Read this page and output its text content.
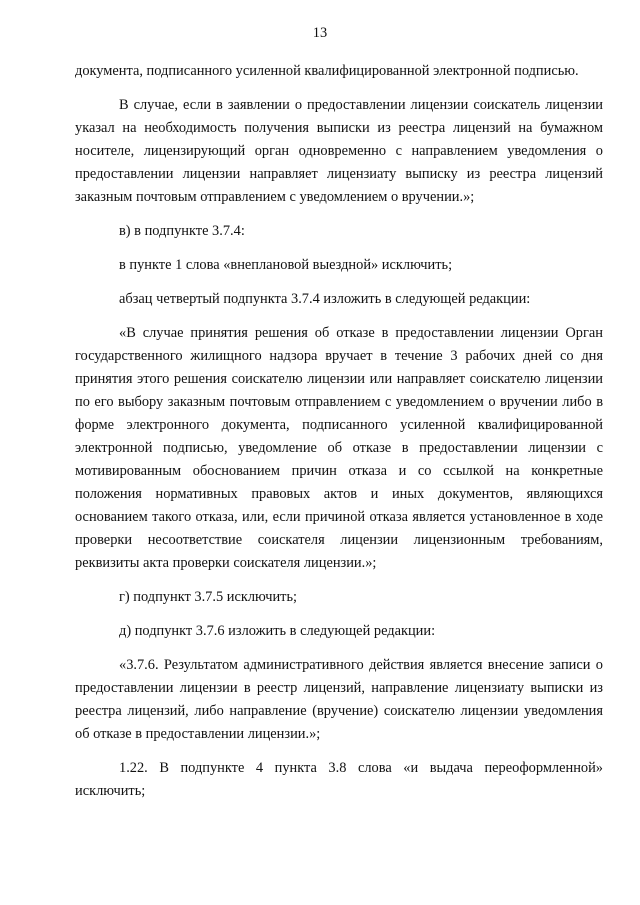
13

документа, подписанного усиленной квалифицированной электронной подписью.

В случае, если в заявлении о предоставлении лицензии соискатель лицензии указал на необходимость получения выписки из реестра лицензий на бумажном носителе, лицензирующий орган одновременно с направлением уведомления о предоставлении лицензии направляет лицензиату выписку из реестра лицензий заказным почтовым отправлением с уведомлением о вручении.»;

в) в подпункте 3.7.4:

в пункте 1 слова «внеплановой выездной» исключить;

абзац четвертый подпункта 3.7.4 изложить в следующей редакции:

«В случае принятия решения об отказе в предоставлении лицензии Орган государственного жилищного надзора вручает в течение 3 рабочих дней со дня принятия этого решения соискателю лицензии или направляет соискателю лицензии по его выбору заказным почтовым отправлением с уведомлением о вручении либо в форме электронного документа, подписанного усиленной квалифицированной электронной подписью, уведомление об отказе в предоставлении лицензии с мотивированным обоснованием причин отказа и со ссылкой на конкретные положения нормативных правовых актов и иных документов, являющихся основанием такого отказа, или, если причиной отказа является установленное в ходе проверки несоответствие соискателя лицензии лицензионным требованиям, реквизиты акта проверки соискателя лицензии.»;

г) подпункт 3.7.5 исключить;

д) подпункт 3.7.6 изложить в следующей редакции:

«3.7.6. Результатом административного действия является внесение записи о предоставлении лицензии в реестр лицензий, направление лицензиату выписки из реестра лицензий, либо направление (вручение) соискателю лицензии уведомления об отказе в предоставлении лицензии.»;

1.22. В подпункте 4 пункта 3.8 слова «и выдача переоформленной» исключить;
